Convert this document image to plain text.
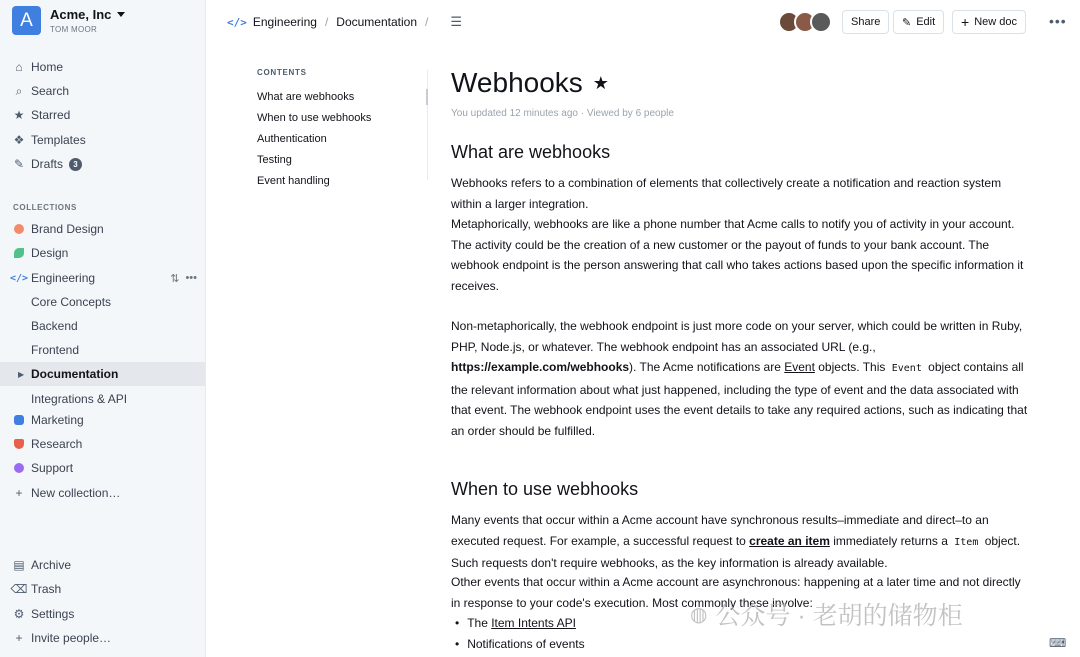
A	Acme, Inc
TOM MOOR
⌂ Home
⌕ Search
★ Starred
❖ Templates
✎ Drafts	3
COLLECTIONS
Brand Design
Design
</> Engineering	⇅ •••
Core Concepts
Backend
Frontend
▶ Documentation
Integrations & API
Marketing
Research
Support
+ New collection…
▤ Archive
⌫ Trash
⚙ Settings
+ Invite people…
</> Engineering / Documentation / ☰	Share ✎ Edit + New doc •••
CONTENTS
What are webhooks
When to use webhooks
Authentication
Testing
Event handling
Webhooks ★
You updated 12 minutes ago · Viewed by 6 people
What are webhooks
Webhooks refers to a combination of elements that collectively create a notification and reaction system within a larger integration.
Metaphorically, webhooks are like a phone number that Acme calls to notify you of activity in your account. The activity could be the creation of a new customer or the payout of funds to your bank account. The webhook endpoint is the person answering that call who takes actions based upon the specific information it receives.
Non-metaphorically, the webhook endpoint is just more code on your server, which could be written in Ruby, PHP, Node.js, or whatever. The webhook endpoint has an associated URL (e.g., https://example.com/webhooks). The Acme notifications are Event objects. This Event object contains all the relevant information about what just happened, including the type of event and the data associated with that event. The webhook endpoint uses the event details to take any required actions, such as indicating that an order should be fulfilled.
When to use webhooks
Many events that occur within a Acme account have synchronous results–immediate and direct–to an executed request. For example, a successful request to create an item immediately returns a Item object. Such requests don't require webhooks, as the key information is already available.
Other events that occur within a Acme account are asynchronous: happening at a later time and not directly in response to your code's execution. Most commonly these involve:
• The Item Intents API
• Notifications of events
◍ 公众号 · 老胡的储物柜
⌨
